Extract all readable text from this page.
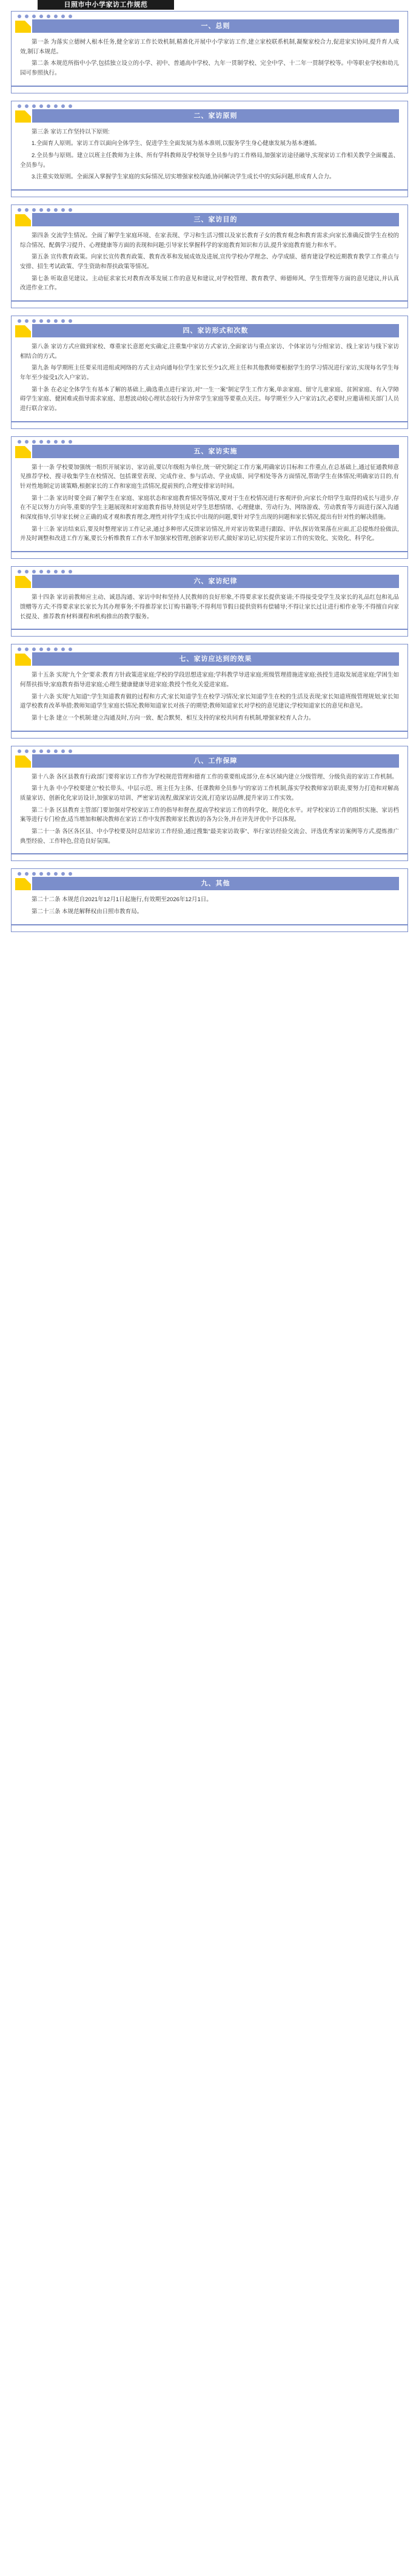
日照市中小学家访工作规范
一、总则

第一条 为落实立德树人根本任务,健全家访工作长效机制,精准化开展中小学家访工作,建立家校联系机制,凝聚家校合力,促进家实协同,提升育人成效,制订本规范。

第二条 本规范所指中小学,包括独立设立的小学、初中、普通高中学校、九年一贯制学校、完全中学、十二年一贯制学校等。中等职业学校和幼儿园可参照执行。

二、家访原则

第三条 家访工作坚持以下原则:

1.全面育人原则。家访工作以面向全体学生、促进学生全面发展为基本准则,以服务学生身心健康发展为基本遵循。

2.全员参与原则。建立以班主任教师为主体、所有学科教师及学校领导全员参与的工作格局,加强家访途径融导,实现家访工作相关教学全面覆盖、全员参与。

3.注重实效原则。全面深入掌握学生家庭的实际情况,切实增强家校沟通,协同解决学生成长中的实际问题,形成育人合力。

三、家访目的

第四条 交流学生情况。全面了解学生家庭环境、在家表现、学习和生活习惯以及家长教育子女的教育观念和教育需求;向家长准确反馈学生在校的综合情况、配偶学习提升、心理健康等方面的表现和问题;引导家长掌握科学的家庭教育知识和方法,提升家庭教育能力和水平。

第五条 宣传教育政策。向家长宣传教育政策、教育改革和发展成效及进展,宣传学校办学理念、办学成绩、德育建设学校近期教育教学工作重点与安排、招生考试政策、学生资助和帮扶政策等情况。

第七条 听取意见建议。主动征求家长对教育改革发展工作的意见和建议,对学校管理、教育教学、师德师风、学生管理等方面的意见建议,并认真改进作业工作。

四、家访形式和次数

第八条 家访方式应做到家校、尊重家长意愿充实确定,注重集中家访方式家访,全面家访与重点家访、个体家访与分组家访、线上家访与线下家访相结合的方式。

第九条 每学期班主任要采用进组或网络的方式主动向通每位学生家长至少1次,班主任和其他教师要根据学生的学习情况进行家访,实现每名学生每年年至少接受1次入户家访。

第十条 在必定全体学生有基本了解的基础上,确选重点进行家访,对"一生一案"制定学生工作方案,单亲家庭、留守儿童家庭、贫困家庭、有入学障碍学生家庭、健困难或指导需求家庭、思想波动较心理状态较行为异常学生家庭等要重点关注。每学期至少入户家访1次,必要时,应邀请相关部门人员进行联合家访。

五、家访实施

第十一条 学校要加强统一组织开展家访、家访前,要以年级组为单位,统一研究制定工作方案,明确家访目标和工作重点,在总基础上,通过征通教师意见推荐学校、搜寻收集学生在校情况、包括课堂表现、完成作业、参与活动、学业成绩、同学相处等各方面情况,帮助学生在体情况;明确家访目的,有针对性地制定访谈策略,根据家长的工作和家庭生活情况,提前预约,合理安排家访时间。

第十二条 家访时要全面了解学生在家庭、家庭状态和家庭教育情况等情况,要对于生在校情况进行客观评价,向家长介绍学生取得的成长与进步,存在不足以努力方向等,重要的学生主题展现和对家庭教育指导,特别是对学生思想情绪、心理健康、劳动行为、网络游戏、劳动教育等方面进行深入沟通和深度指导,引导家长树立正确的成才观和教育理念,理性对待学生成长中出现的问题,要针对学生出现的问题和家长情况,提出有针对性的解决措施。

第十三条 家访结束后,要及时整理家访工作记录,通过多种形式反馈家访情况,并对家访效果进行跟踪、评估,探访效果落在应面,汇总提炼经验做法,并及时调整和改进工作方案,要长分析维教育工作水平加强家校管理,创新家访形式,做好家访记,切实提升家访工作的实效化、实效化、科学化。

六、家访纪律

第十四条 家访前教师应主动、诚恳沟通、家访中时和坚持人民教师的良好形象,不得要求家长提供宴请;不得接受受学生及家长的礼品红包和礼品馈赠等方式;不得要求家长家长为其办理事务;不得推荐家长订购书籍等;不得利用节假日提供资料有偿辅导;不得让家长过让进行相作业等;不得擅自向家长提及、推荐教育材料课程和机构推出的教学服务。

七、家访应达到的效果

第十五条 实现"九个全"要求:教育方针政策进家庭;学校的学段思想进家庭;学科教学导进家庭;班级管理措施进家庭;孩授生进取发展进家庭;学困生如何帮扶指导;家庭教育指导进家庭;心理生健康健康导进家庭;教授个性化关爱进家庭。

第十六条 实现"九知道":学生知道教育做的过程和方式;家长知道学生在校学习情况;家长知道学生在校的生活及表现;家长知道班级管理规划;家长知道学校教育改革举措;教师知道学生家庭长情况;教师知道家长对孩子的期望;教师知道家长对学校的意见建议;学校知道家长的意见和意见。

第十七条 建立一个机制:建立沟通及时,方向一致、配合默契、相互支持的家校共同育有机制,增强家校育人合力。

八、工作保障

第十八条 各区县教育行政部门要将家访工作作为学校规范管理和德育工作的重要组成部分,在本区域内建立分级管理、分级负责的家访工作机制。

第十九条 中小学校要建立"校长带头、中层示范、班主任为主体、任课教师全员参与"的家访工作机制,落实学校教师家访职责,要努力打造和对解高质量家访、创新化化家访设计,加强家访培训、严密家访流程,做深家访交流,打造家访品牌,提升家访工作实效。

第二十条 区县教育主管部门要加强对学校家访工作的指导和督查,提高学校家访工作的科学化、规范化水平。对学校家访工作的组织实施、家访档案等进行专门检查,适当增加和解决教师在家访工作中发挥教师家长教访的各为公务,并在评先评优中予以体现。

第二十一条 各区各区县、中小学校要及时总结家访工作经验,通过搜集"最美家访故事"、举行家访经验交流会、评选优秀家访案例等方式,提炼推广典型经验、工作特色,营造良好氛围。

九、其他

第二十二条 本规范自2021年12月1日起施行,有效期至2026年12月1日。

第二十三条 本规范解释权由日照市教育局。
